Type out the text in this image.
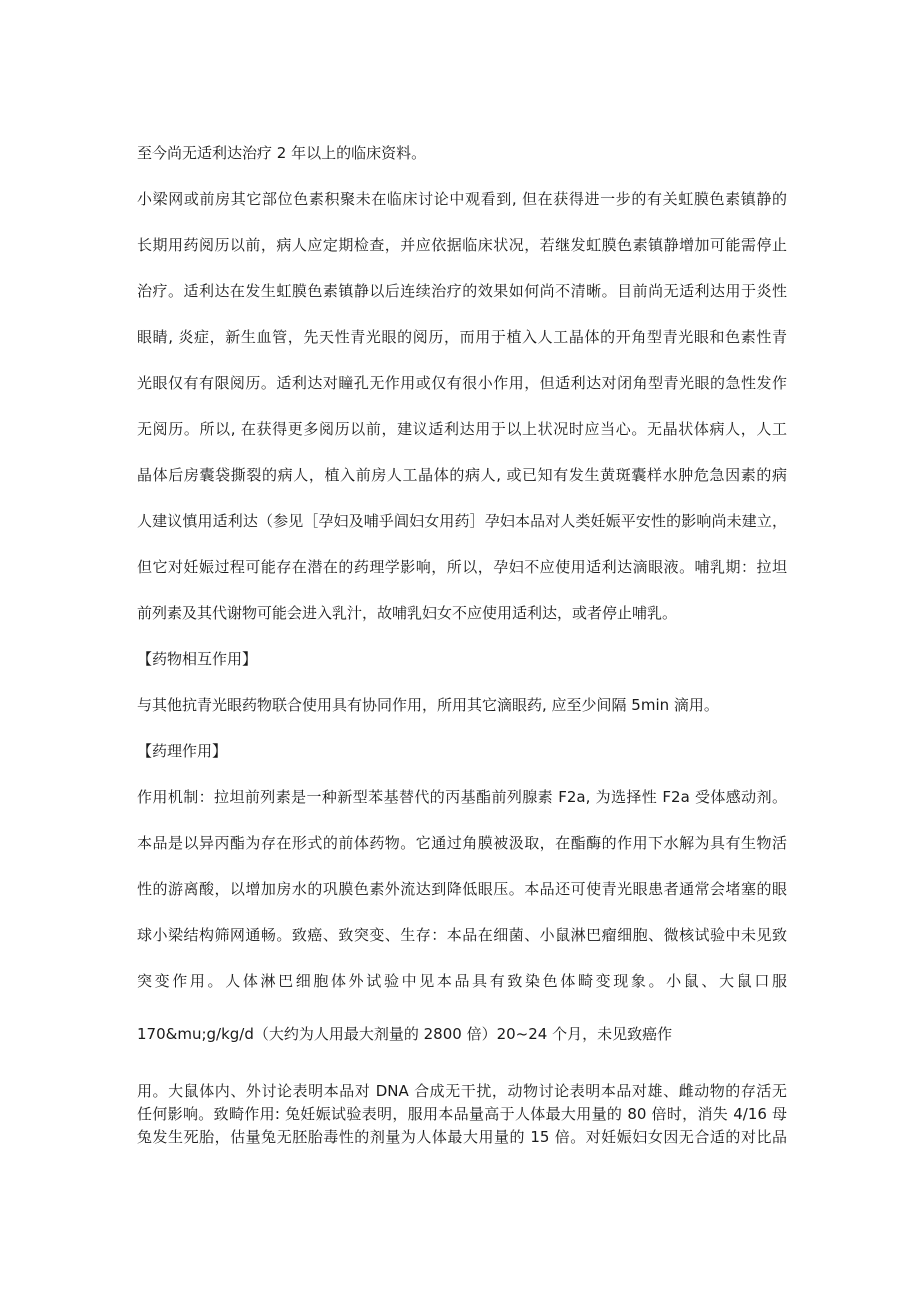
至今尚无适利达治疗 2 年以上的临床资料。
小梁网或前房其它部位色素积聚未在临床讨论中观看到, 但在获得进一步的有关虹膜色素镇静的
长期用药阅历以前，病人应定期检查，并应依据临床状况，若继发虹膜色素镇静增加可能需停止
治疗。适利达在发生虹膜色素镇静以后连续治疗的效果如何尚不清晰。目前尚无适利达用于炎性
眼睛, 炎症，新生血管，先天性青光眼的阅历，而用于植入人工晶体的开角型青光眼和色素性青
光眼仅有有限阅历。适利达对瞳孔无作用或仅有很小作用，但适利达对闭角型青光眼的急性发作
无阅历。所以, 在获得更多阅历以前，建议适利达用于以上状况时应当心。无晶状体病人，人工
晶体后房囊袋撕裂的病人，植入前房人工晶体的病人, 或已知有发生黄斑囊样水肿危急因素的病
人建议慎用适利达（参见［孕妇及哺乎阊妇女用药］孕妇本品对人类妊娠平安性的影响尚未建立，
但它对妊娠过程可能存在潜在的药理学影响，所以，孕妇不应使用适利达滴眼液。哺乳期：拉坦
前列素及其代谢物可能会进入乳汁，故哺乳妇女不应使用适利达，或者停止哺乳。
【药物相互作用】
与其他抗青光眼药物联合使用具有协同作用，所用其它滴眼药, 应至少间隔 5min 滴用。
【药理作用】
作用机制：拉坦前列素是一种新型苯基替代的丙基酯前列腺素 F2a, 为选择性 F2a 受体感动剂。
本品是以异丙酯为存在形式的前体药物。它通过角膜被汲取，在酯酶的作用下水解为具有生物活
性的游离酸，以增加房水的巩膜色素外流达到降低眼压。本品还可使青光眼患者通常会堵塞的眼
球小梁结构筛网通畅。致癌、致突变、生存：本品在细菌、小鼠淋巴瘤细胞、微核试验中未见致
突变作用。人体淋巴细胞体外试验中见本品具有致染色体畸变现象。小鼠、大鼠口服
170&mu;g/kg/d（大约为人用最大剂量的 2800 倍）20~24 个月，未见致癌作
用。大鼠体内、外讨论表明本品对 DNA 合成无干扰，动物讨论表明本品对雄、雌动物的存活无
任何影响。致畸作用: 兔妊娠试验表明，服用本品量高于人体最大用量的 80 倍时，消失 4/16 母
兔发生死胎，估量兔无胚胎毒性的剂量为人体最大用量的 15 倍。对妊娠妇女因无合适的对比品
